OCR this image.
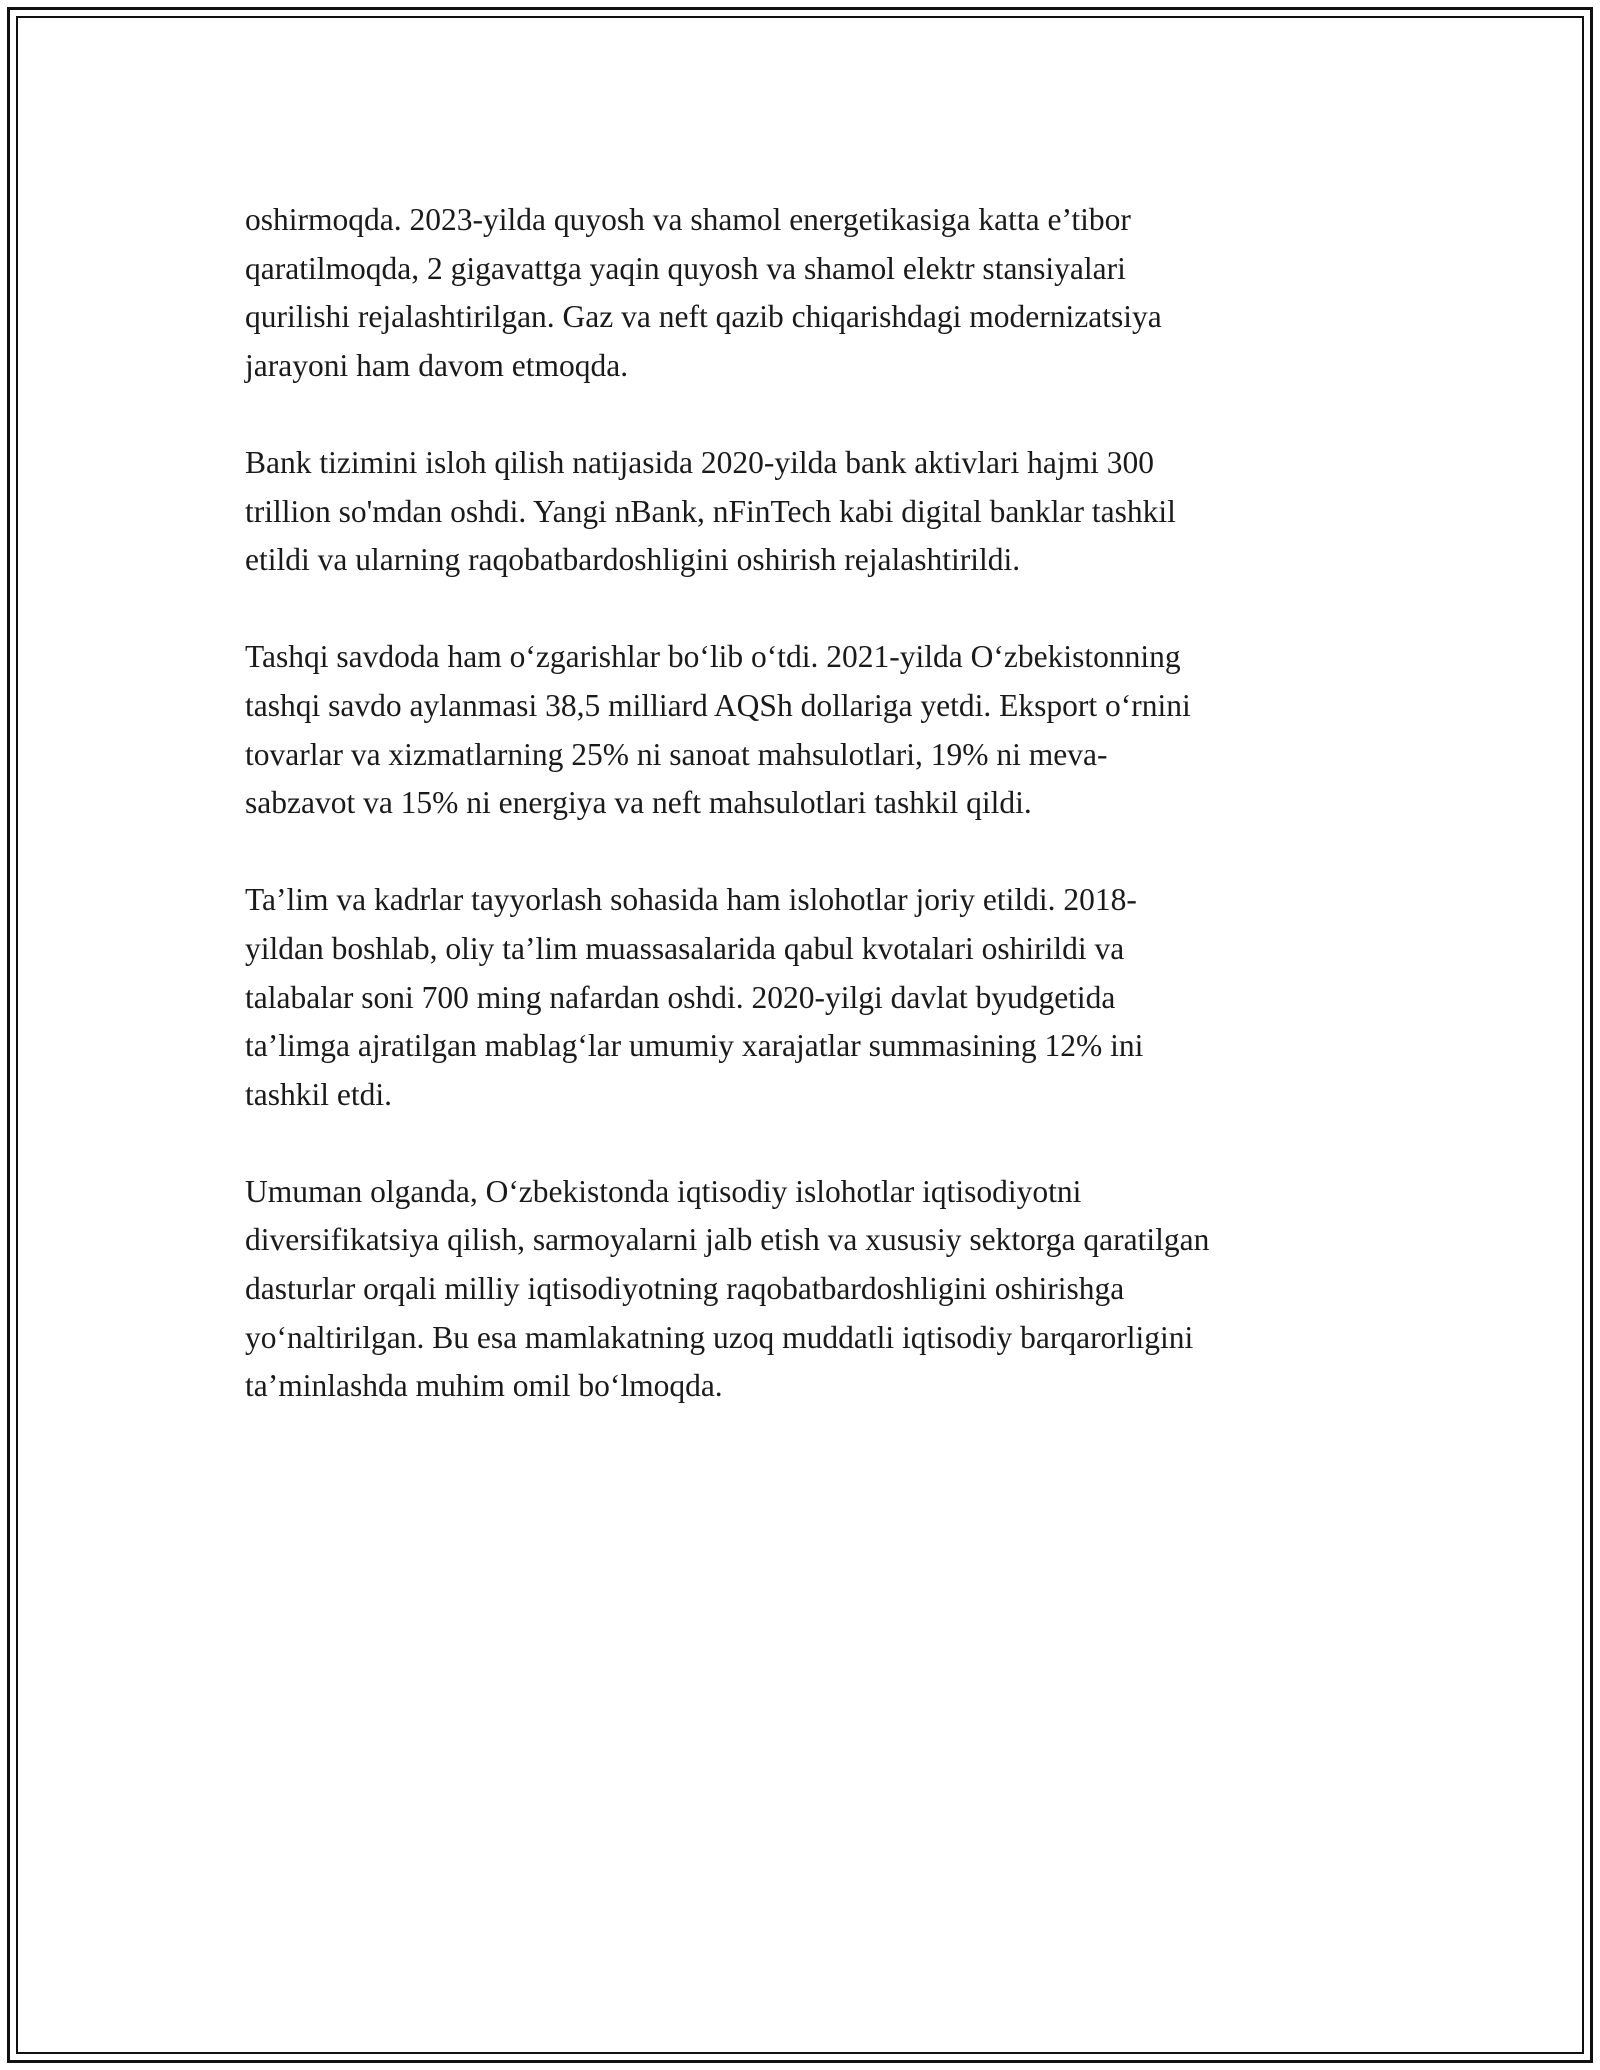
oshirmoqda. 2023-yilda quyosh va shamol energetikasiga katta e’tibor
qaratilmoqda, 2 gigavattga yaqin quyosh va shamol elektr stansiyalari
qurilishi rejalashtirilgan. Gaz va neft qazib chiqarishdagi modernizatsiya
jarayoni ham davom etmoqda.

Bank tizimini isloh qilish natijasida 2020-yilda bank aktivlari hajmi 300
trillion so'mdan oshdi. Yangi nBank, nFinTech kabi digital banklar tashkil
etildi va ularning raqobatbardoshligini oshirish rejalashtirildi.

Tashqi savdoda ham o‘zgarishlar bo‘lib o‘tdi. 2021-yilda O‘zbekistonning
tashqi savdo aylanmasi 38,5 milliard AQSh dollariga yetdi. Eksport o‘rnini
tovarlar va xizmatlarning 25% ni sanoat mahsulotlari, 19% ni meva-
sabzavot va 15% ni energiya va neft mahsulotlari tashkil qildi.

Ta’lim va kadrlar tayyorlash sohasida ham islohotlar joriy etildi. 2018-
yildan boshlab, oliy ta’lim muassasalarida qabul kvotalari oshirildi va
talabalar soni 700 ming nafardan oshdi. 2020-yilgi davlat byudgetida
ta’limga ajratilgan mablag‘lar umumiy xarajatlar summasining 12% ini
tashkil etdi.

Umuman olganda, O‘zbekistonda iqtisodiy islohotlar iqtisodiyotni
diversifikatsiya qilish, sarmoyalarni jalb etish va xususiy sektorga qaratilgan
dasturlar orqali milliy iqtisodiyotning raqobatbardoshligini oshirishga
yo‘naltirilgan. Bu esa mamlakatning uzoq muddatli iqtisodiy barqarorligini
ta’minlashda muhim omil bo‘lmoqda.
